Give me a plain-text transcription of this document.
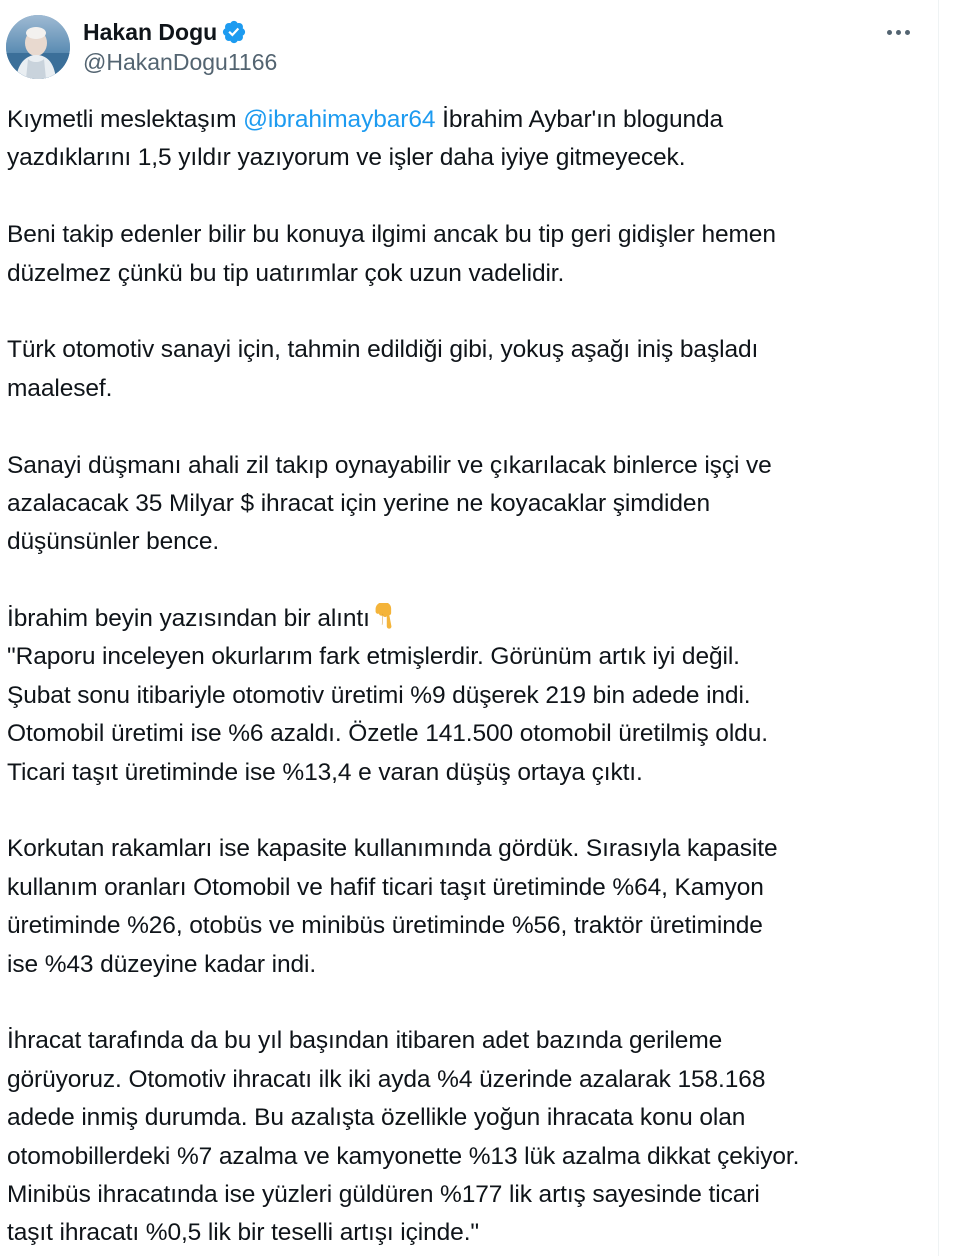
Hakan Dogu
@HakanDogu1166
Kıymetli meslektaşım @ibrahimaybar64 İbrahim Aybar'ın blogunda
yazdıklarını 1,5 yıldır yazıyorum ve işler daha iyiye gitmeyecek.
Beni takip edenler bilir bu konuya ilgimi ancak bu tip geri gidişler hemen
düzelmez çünkü bu tip uatırımlar çok uzun vadelidir.
Türk otomotiv sanayi için, tahmin edildiği gibi, yokuş aşağı iniş başladı
maalesef.
Sanayi düşmanı ahali zil takıp oynayabilir ve çıkarılacak binlerce işçi ve
azalacacak 35 Milyar $ ihracat için yerine ne koyacaklar şimdiden
düşünsünler bence.
İbrahim beyin yazısından bir alıntı
"Raporu inceleyen okurlarım fark etmişlerdir. Görünüm artık iyi değil.
Şubat sonu itibariyle otomotiv üretimi %9 düşerek 219 bin adede indi.
Otomobil üretimi ise %6 azaldı. Özetle 141.500 otomobil üretilmiş oldu.
Ticari taşıt üretiminde ise %13,4 e varan düşüş ortaya çıktı.
Korkutan rakamları ise kapasite kullanımında gördük. Sırasıyla kapasite
kullanım oranları Otomobil ve hafif ticari taşıt üretiminde %64, Kamyon
üretiminde %26, otobüs ve minibüs üretiminde %56, traktör üretiminde
ise %43 düzeyine kadar indi.
İhracat tarafında da bu yıl başından itibaren adet bazında gerileme
görüyoruz. Otomotiv ihracatı ilk iki ayda %4 üzerinde azalarak 158.168
adede inmiş durumda. Bu azalışta özellikle yoğun ihracata konu olan
otomobillerdeki %7 azalma ve kamyonette %13 lük azalma dikkat çekiyor.
Minibüs ihracatında ise yüzleri güldüren %177 lik artış sayesinde ticari
taşıt ihracatı %0,5 lik bir teselli artışı içinde."
